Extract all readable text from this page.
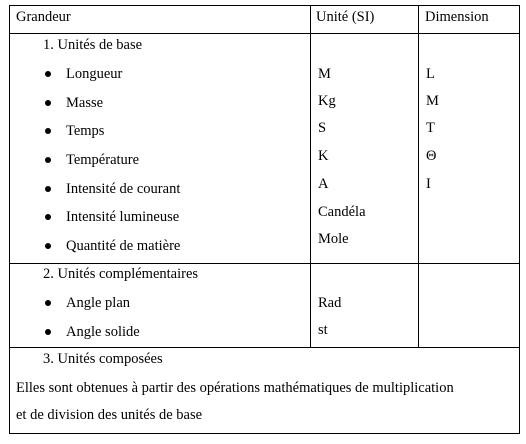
Grandeur	Unité (SI)	Dimension
1. Unités de base
Longueur	M	L
Masse	Kg	M
Temps	S	T
Température	K	Θ
Intensité de courant	A	I
Intensité lumineuse	Candéla
Quantité de matière	Mole
2. Unités complémentaires
Angle plan	Rad
Angle solide	st
3. Unités composées
Elles sont obtenues à partir des opérations mathématiques de multiplication
et de division des unités de base
